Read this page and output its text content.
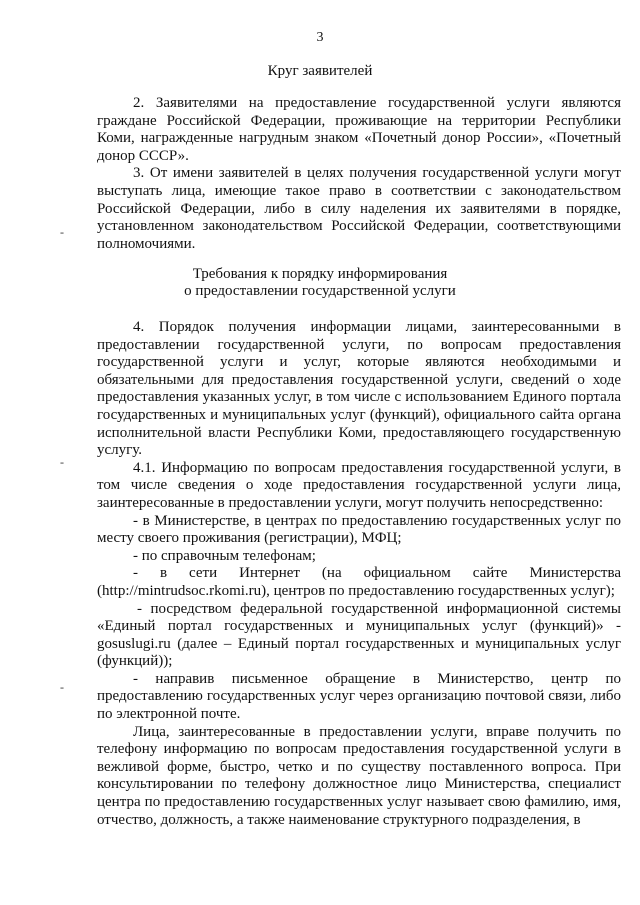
3
Круг заявителей

2. Заявителями на предоставление государственной услуги являются граждане Российской Федерации, проживающие на территории Республики Коми, награжденные нагрудным знаком «Почетный донор России», «Почетный донор СССР».

3. От имени заявителей в целях получения государственной услуги могут выступать лица, имеющие такое право в соответствии с законодательством Российской Федерации, либо в силу наделения их заявителями в порядке, установленном законодательством Российской Федерации, соответствующими полномочиями.

Требования к порядку информирования
о предоставлении государственной услуги

4. Порядок получения информации лицами, заинтересованными в предоставлении государственной услуги, по вопросам предоставления государственной услуги и услуг, которые являются необходимыми и обязательными для предоставления государственной услуги, сведений о ходе предоставления указанных услуг, в том числе с использованием Единого портала государственных и муниципальных услуг (функций), официального сайта органа исполнительной власти Республики Коми, предоставляющего государственную услугу.

4.1. Информацию по вопросам предоставления государственной услуги, в том числе сведения о ходе предоставления государственной услуги лица, заинтересованные в предоставлении услуги, могут получить непосредственно:

- в Министерстве, в центрах по предоставлению государственных услуг по месту своего проживания (регистрации), МФЦ;

- по справочным телефонам;

- в сети Интернет (на официальном сайте Министерства (http://mintrudsoc.rkomi.ru), центров по предоставлению государственных услуг);

- посредством федеральной государственной информационной системы «Единый портал государственных и муниципальных услуг (функций)» - gosuslugi.ru (далее – Единый портал государственных и муниципальных услуг (функций));

- направив письменное обращение в Министерство, центр по предоставлению государственных услуг через организацию почтовой связи, либо по электронной почте.

Лица, заинтересованные в предоставлении услуги, вправе получить по телефону информацию по вопросам предоставления государственной услуги в вежливой форме, быстро, четко и по существу поставленного вопроса. При консультировании по телефону должностное лицо Министерства, специалист центра по предоставлению государственных услуг называет свою фамилию, имя, отчество, должность, а также наименование структурного подразделения, в

-
-
-
